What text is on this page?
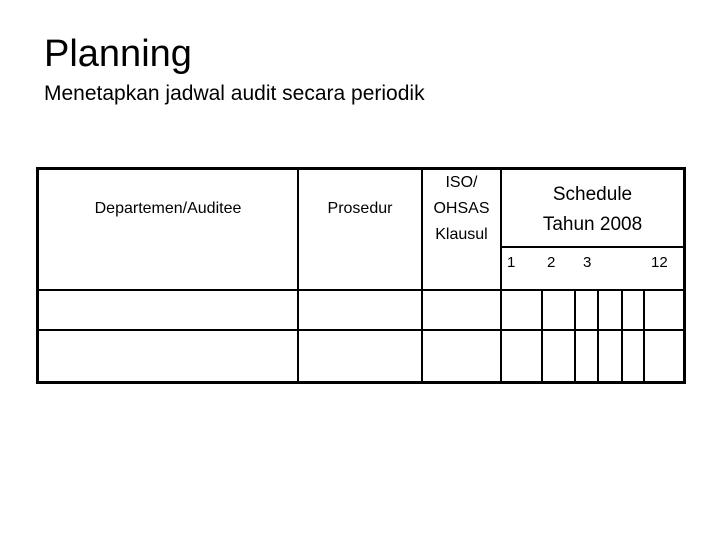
Planning
Menetapkan jadwal audit secara periodik
Departemen/Auditee	Prosedur
ISO/
OHSAS
Klausul
Schedule
Tahun 2008
1 2 3	12
